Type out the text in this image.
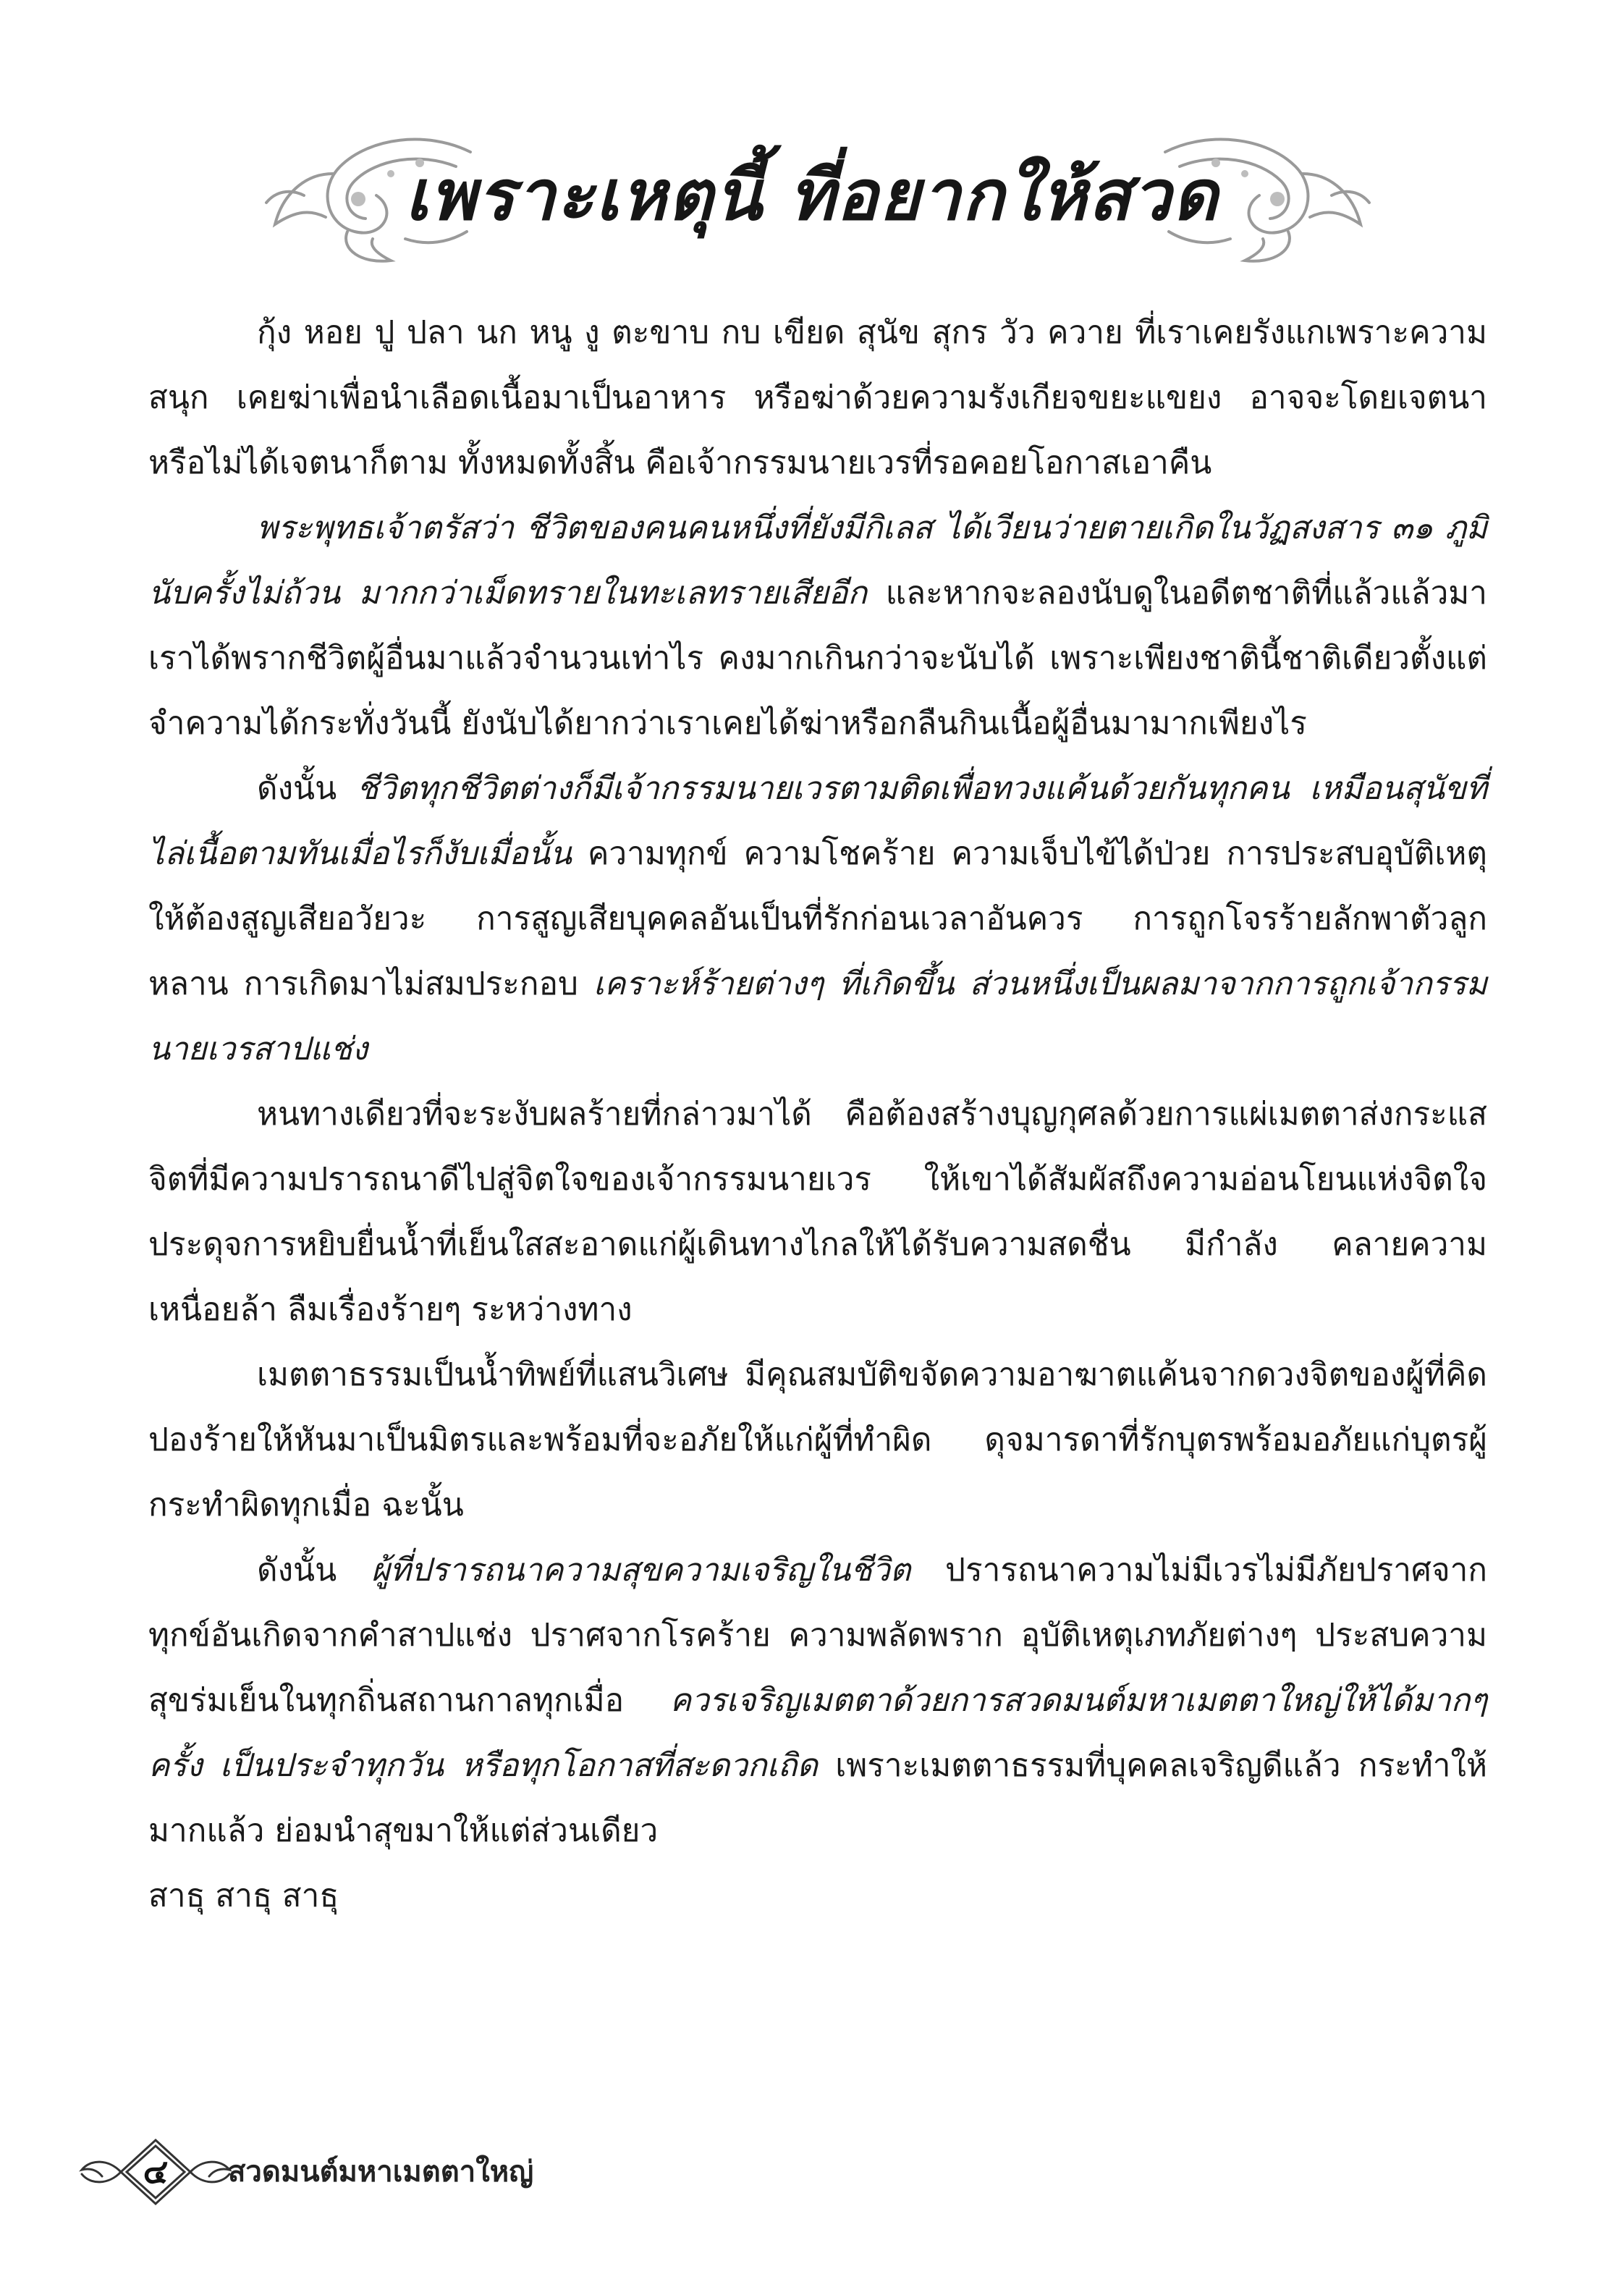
เพราะเหตุนี้ ที่อยากให้สวด

กุ้ง หอย ปู ปลา นก หนู งู ตะขาบ กบ เขียด สุนัข สุกร วัว ควาย ที่เราเคยรังแกเพราะความสนุก เคยฆ่าเพื่อนำเลือดเนื้อมาเป็นอาหาร หรือฆ่าด้วยความรังเกียจขยะแขยง อาจจะโดยเจตนาหรือไม่ได้เจตนาก็ตาม ทั้งหมดทั้งสิ้น คือเจ้ากรรมนายเวรที่รอคอยโอกาสเอาคืน

พระพุทธเจ้าตรัสว่า ชีวิตของคนคนหนึ่งที่ยังมีกิเลส ได้เวียนว่ายตายเกิดในวัฏสงสาร ๓๑ ภูมินับครั้งไม่ถ้วน มากกว่าเม็ดทรายในทะเลทรายเสียอีก และหากจะลองนับดูในอดีตชาติที่แล้วแล้วมา เราได้พรากชีวิตผู้อื่นมาแล้วจำนวนเท่าไร คงมากเกินกว่าจะนับได้ เพราะเพียงชาตินี้ชาติเดียวตั้งแต่จำความได้กระทั่งวันนี้ ยังนับได้ยากว่าเราเคยได้ฆ่าหรือกลืนกินเนื้อผู้อื่นมามากเพียงไร

ดังนั้น ชีวิตทุกชีวิตต่างก็มีเจ้ากรรมนายเวรตามติดเพื่อทวงแค้นด้วยกันทุกคน เหมือนสุนัขที่ไล่เนื้อตามทันเมื่อไรก็งับเมื่อนั้น ความทุกข์ ความโชคร้าย ความเจ็บไข้ได้ป่วย การประสบอุบัติเหตุให้ต้องสูญเสียอวัยวะ การสูญเสียบุคคลอันเป็นที่รักก่อนเวลาอันควร การถูกโจรร้ายลักพาตัวลูกหลาน การเกิดมาไม่สมประกอบ เคราะห์ร้ายต่างๆ ที่เกิดขึ้น ส่วนหนึ่งเป็นผลมาจากการถูกเจ้ากรรมนายเวรสาปแช่ง

หนทางเดียวที่จะระงับผลร้ายที่กล่าวมาได้ คือต้องสร้างบุญกุศลด้วยการแผ่เมตตาส่งกระแสจิตที่มีความปรารถนาดีไปสู่จิตใจของเจ้ากรรมนายเวร ให้เขาได้สัมผัสถึงความอ่อนโยนแห่งจิตใจ ประดุจการหยิบยื่นน้ำที่เย็นใสสะอาดแก่ผู้เดินทางไกลให้ได้รับความสดชื่น มีกำลัง คลายความเหนื่อยล้า ลืมเรื่องร้ายๆ ระหว่างทาง

เมตตาธรรมเป็นน้ำทิพย์ที่แสนวิเศษ มีคุณสมบัติขจัดความอาฆาตแค้นจากดวงจิตของผู้ที่คิดปองร้ายให้หันมาเป็นมิตรและพร้อมที่จะอภัยให้แก่ผู้ที่ทำผิด ดุจมารดาที่รักบุตรพร้อมอภัยแก่บุตรผู้กระทำผิดทุกเมื่อ ฉะนั้น

ดังนั้น ผู้ที่ปรารถนาความสุขความเจริญในชีวิต ปรารถนาความไม่มีเวรไม่มีภัยปราศจากทุกข์อันเกิดจากคำสาปแช่ง ปราศจากโรคร้าย ความพลัดพราก อุบัติเหตุเภทภัยต่างๆ ประสบความสุขร่มเย็นในทุกถิ่นสถานกาลทุกเมื่อ ควรเจริญเมตตาด้วยการสวดมนต์มหาเมตตาใหญ่ให้ได้มากๆ ครั้ง เป็นประจำทุกวัน หรือทุกโอกาสที่สะดวกเถิด เพราะเมตตาธรรมที่บุคคลเจริญดีแล้ว กระทำให้มากแล้ว ย่อมนำสุขมาให้แต่ส่วนเดียว

สาธุ สาธุ สาธุ

๔	สวดมนต์มหาเมตตาใหญ่
